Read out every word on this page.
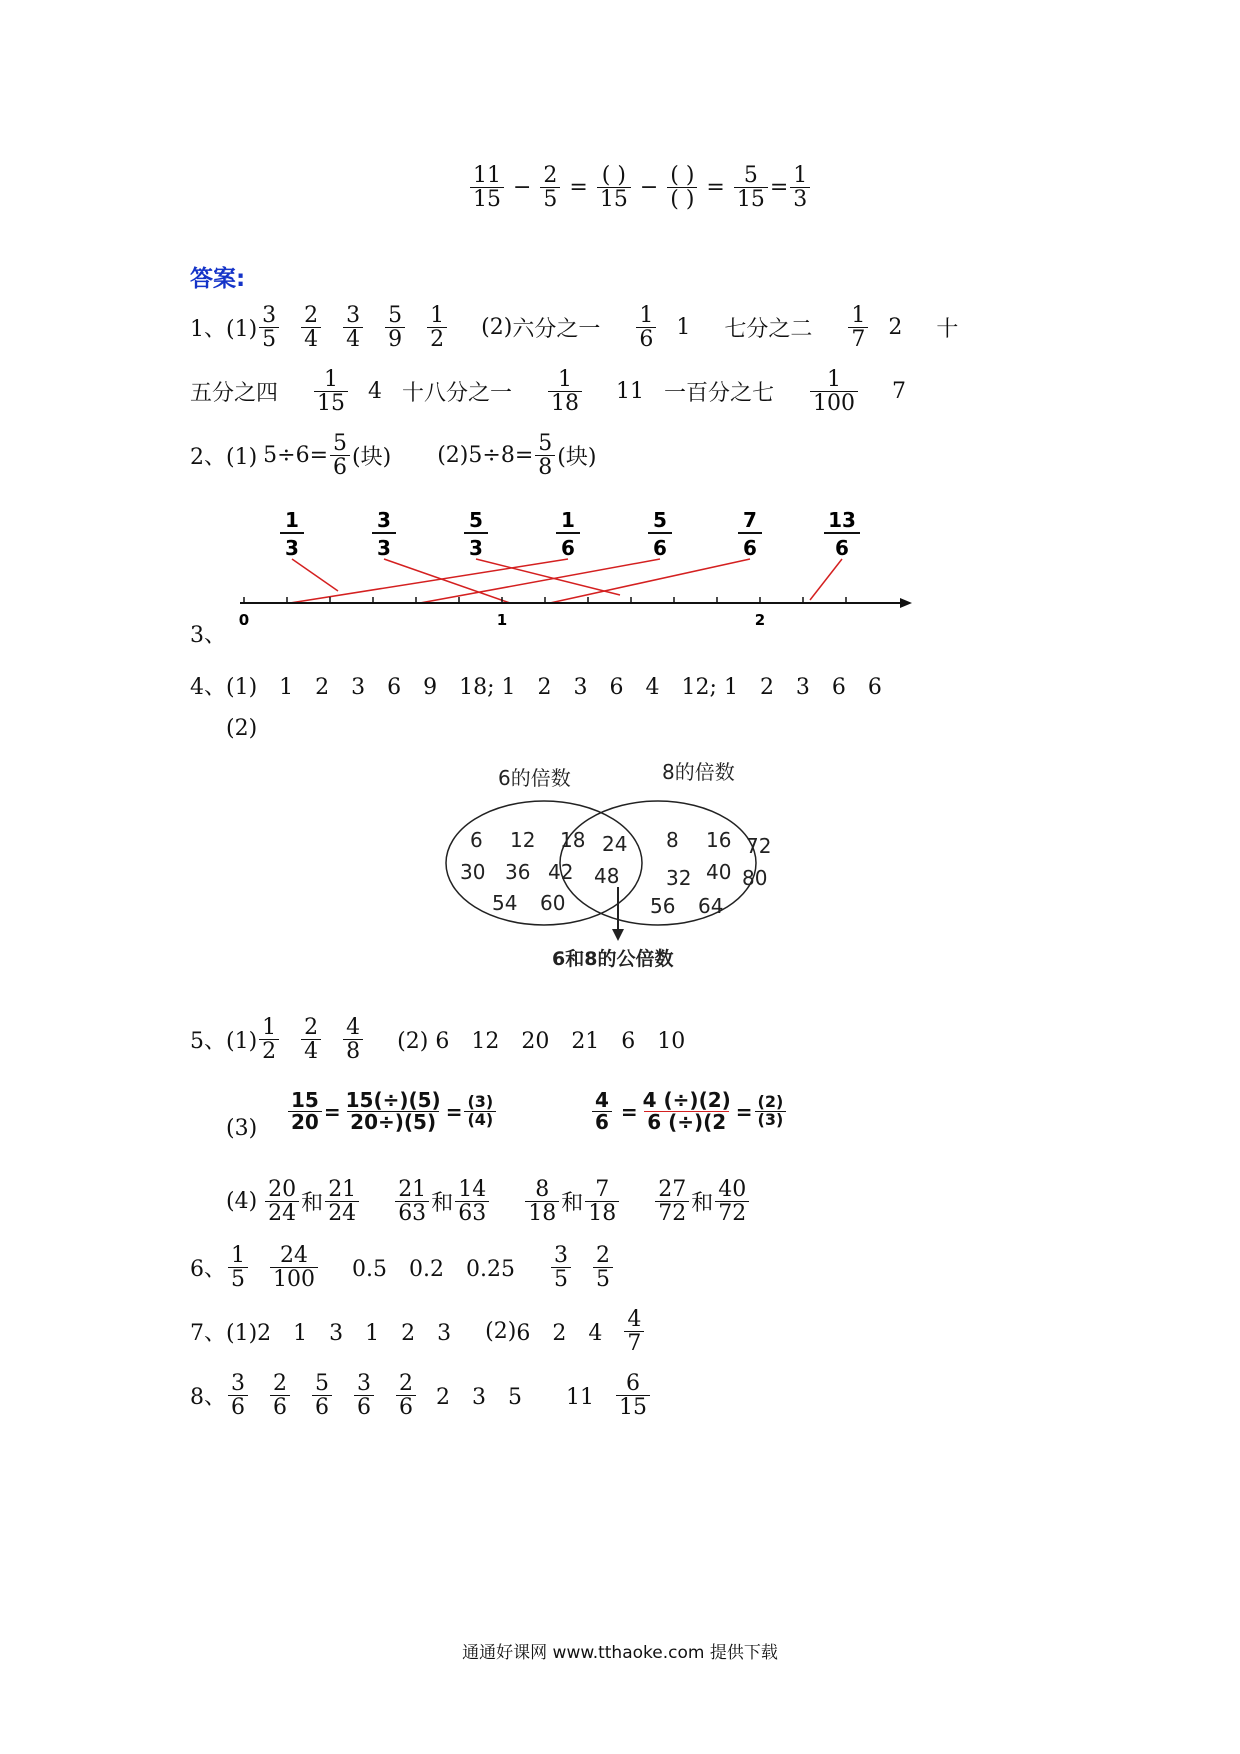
11
$15 - \frac{2}{5}$ = ( )
15 − ( )
( ) = $\frac{5}{15} = \frac{1}{3}$
答案:
1、(1)
3
5
2
4
3
4
5
9
1
2 (2) 六分之一
1
6 1 七分之二
1
7 2 十
五分之四
1
15 4 十八分之一
1
18 11 一百分之七
1
100 7
2、(1) $5\div 6= \frac{5}{6}$ (块) (2) $5\div 8= \frac{5}{8}$ (块)
1
3
3
3
5
3
1
6
5
6
7
6
13
6
0	1	2
3、
4、(1) 1　2　3　6　9　18; 1　2　3　6　4　12; 1　2　3　6　6
(2)
6的倍数	8的倍数
6 12 18
30 36 42
54 60
24
48
8 16 72
32 40 80
56 64
6和8的公倍数
5、(1)
1
2
2
4
4
8 (2) 6　12　20　21　6　10
(3)
15
20 = 15(÷)(5)
20÷)(5) = (3)
(4)
4
6 = 4 (÷)(2)
6 (÷)(2 = (2)
(3)
(4) 20
24 和
21
24
21
63 和
14
63
8
18 和
7
18
27
72 和
40
72
6、
1
5
24
100 0.5　0.2　0.25
3
5
2
5
7、(1) 2　1　3　1　2　3 (2) 6　2　4
4
7
8、
3
6
2
6
5
6
3
6
2
6 2　3　5　　11
6
15
通通好课网 www.tthaoke.com 提供下载
